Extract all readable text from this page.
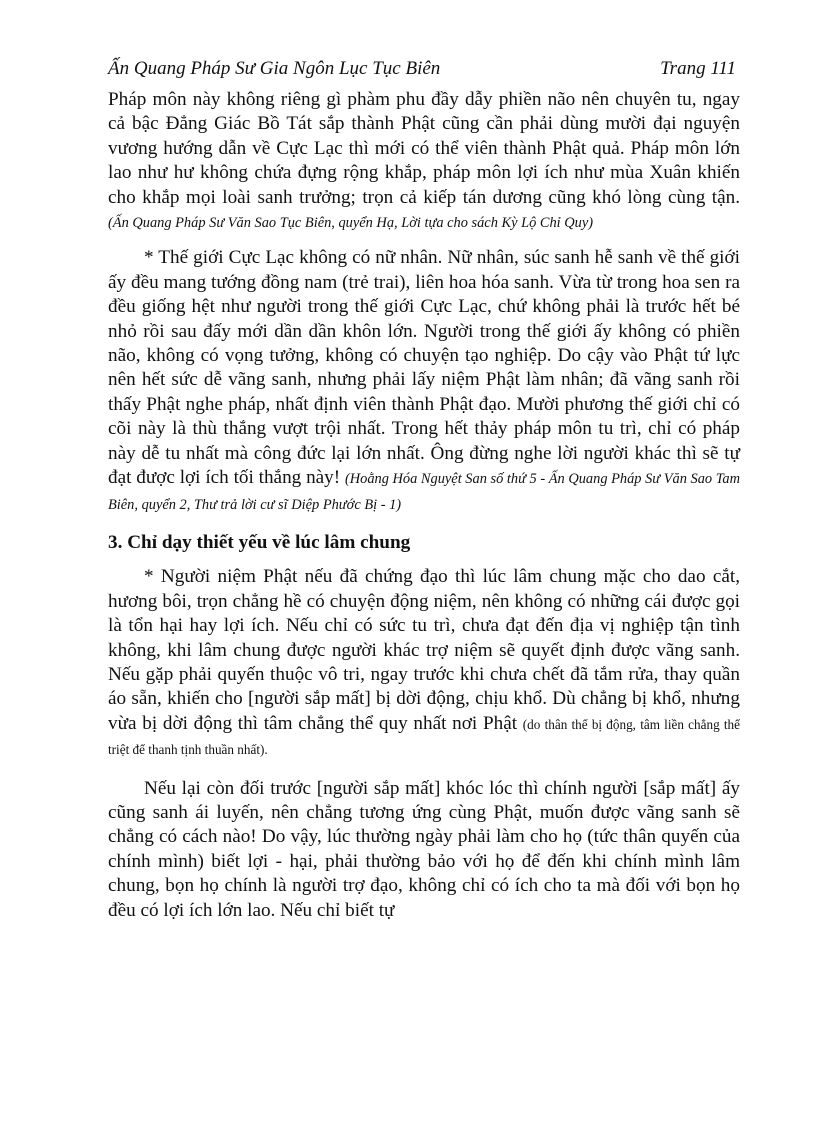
Ấn Quang Pháp Sư Gia Ngôn Lục Tục Biên	Trang 111

Pháp môn này không riêng gì phàm phu đầy dẫy phiền não nên chuyên tu, ngay cả bậc Đẳng Giác Bồ Tát sắp thành Phật cũng cần phải dùng mười đại nguyện vương hướng dẫn về Cực Lạc thì mới có thể viên thành Phật quả. Pháp môn lớn lao như hư không chứa đựng rộng khắp, pháp môn lợi ích như mùa Xuân khiến cho khắp mọi loài sanh trưởng; trọn cả kiếp tán dương cũng khó lòng cùng tận. (Ấn Quang Pháp Sư Văn Sao Tục Biên, quyển Hạ, Lời tựa cho sách Kỳ Lộ Chỉ Quy)

* Thế giới Cực Lạc không có nữ nhân. Nữ nhân, súc sanh hễ sanh về thế giới ấy đều mang tướng đồng nam (trẻ trai), liên hoa hóa sanh. Vừa từ trong hoa sen ra đều giống hệt như người trong thế giới Cực Lạc, chứ không phải là trước hết bé nhỏ rồi sau đấy mới dần dần khôn lớn. Người trong thế giới ấy không có phiền não, không có vọng tưởng, không có chuyện tạo nghiệp. Do cậy vào Phật tứ lực nên hết sức dễ vãng sanh, nhưng phải lấy niệm Phật làm nhân; đã vãng sanh rồi thấy Phật nghe pháp, nhất định viên thành Phật đạo. Mười phương thế giới chỉ có cõi này là thù thắng vượt trội nhất. Trong hết thảy pháp môn tu trì, chỉ có pháp này dễ tu nhất mà công đức lại lớn nhất. Ông đừng nghe lời người khác thì sẽ tự đạt được lợi ích tối thắng này! (Hoằng Hóa Nguyệt San số thứ 5 - Ấn Quang Pháp Sư Văn Sao Tam Biên, quyển 2, Thư trả lời cư sĩ Diệp Phước Bị - 1)

3. Chỉ dạy thiết yếu về lúc lâm chung

* Người niệm Phật nếu đã chứng đạo thì lúc lâm chung mặc cho dao cắt, hương bôi, trọn chẳng hề có chuyện động niệm, nên không có những cái được gọi là tổn hại hay lợi ích. Nếu chỉ có sức tu trì, chưa đạt đến địa vị nghiệp tận tình không, khi lâm chung được người khác trợ niệm sẽ quyết định được vãng sanh. Nếu gặp phải quyến thuộc vô tri, ngay trước khi chưa chết đã tắm rửa, thay quần áo sẵn, khiến cho [người sắp mất] bị dời động, chịu khổ. Dù chẳng bị khổ, nhưng vừa bị dời động thì tâm chẳng thể quy nhất nơi Phật (do thân thể bị động, tâm liền chẳng thể triệt để thanh tịnh thuần nhất).

Nếu lại còn đối trước [người sắp mất] khóc lóc thì chính người [sắp mất] ấy cũng sanh ái luyến, nên chẳng tương ứng cùng Phật, muốn được vãng sanh sẽ chẳng có cách nào! Do vậy, lúc thường ngày phải làm cho họ (tức thân quyến của chính mình) biết lợi - hại, phải thường bảo với họ để đến khi chính mình lâm chung, bọn họ chính là người trợ đạo, không chỉ có ích cho ta mà đối với bọn họ đều có lợi ích lớn lao. Nếu chỉ biết tự
